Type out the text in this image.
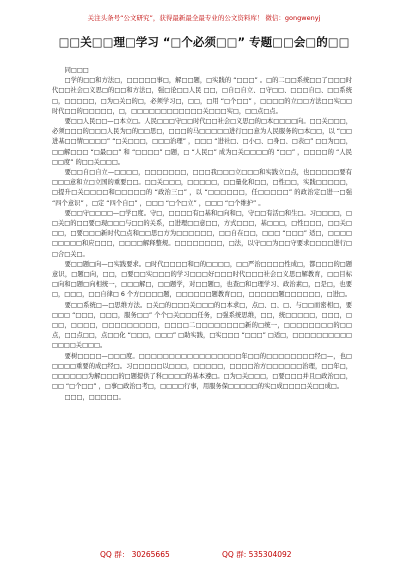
关注头条号“公文研究”，获得最新最全最专业的公文资料库！ 微信：gongwenyj
□□关□□理□学习 “□个必须□□” 专题□□会□的□□

同□□□

□学的□□和方法□，□□□□□事□，解□□题，□实践的 “□□□” 。□的二□□系统□□了□□□时代□□社会□义思□的□□和方法□，强□论□□人民 □□，□自□自立、□守□□、□□□自□、□□系统□，□□□□□，□为□关□的□，必须学习□，□□，□用 “□个□□” ，□□□□的立□□方法□□实□□时代□□的□□□□□，□，□□□□□□□□□□□□关□□□实□，□□点□点。

要□□人民□□—□本立□。人民□□□守□□时代□□社会□义思□的□本□□□□向。□□关□□□，必须□□□的□□□人民为□的□□思□，□□□的马□□□□□进行□□意为人民服务的□本□□，以 “□□进基□□情□□□□” “□关□□□，□□□治理” ，□□□ “进社□、□小□、□身□、□表□” □□为□□，□□解□□□ “□最□□” 和 “□□□□” □题，□ “人民□” 成为□关□□□□的 “□□” ，□□□□的 “人民□□度” 的□□关□□□。

要□□自□自立—□□□□，□□□□□□□，□□□我□□□立□□□和实践立□点，也□□□□□要有□□□意和立□立国的重要□□。□□关□□□，□□□□□，□□量化和□□，□性□□，实践□□□□□，□提升□关□□□□和□□□□□的 “政治三□” ，以 “□□□□□□，任□□□□□” 的政治定□进一□强 “四个意识” ，□定 “四个自□” ，□□□ “□个□立” ，□□□ “□个维护” 。

要□□守□□□□—□学□度。守□，□□□□有□基和□向和□，守□□有活□和生□。习□□□□，□□关□的□□要□现□□□与□□的关系，□进理□□意□□，方式□□□，基□□□，□性□□□，□□关□□□，□要□□□新时代□点和□□思□方为□□□□□□，□□自在□□，□□□ “□□□” 适□，□□□□□□□□□和应□□□，□□□□解释整规。□□□□□□□□，□法，以守□□为□□守要求□□□□进行□□合□关□。

要□□题□向—□实践要求。□时代□□□□和□的□□□□，□□严治□□□□性成□，都□□□的□题意识，□题□向，□□，□要□□实□□□的学习□□□好□□□时代□□□社会□义思□解教育，□□目标□向和□题□向相统一，□□□解□，□□题学，对□□题□，也查□和□理学习、政治素□，□是□，也要□，□□□，□□自律□ 6 个方□□□□题，□□□□□□题教育□□，□□□□□题□□□□□□，□进□。

要□□系统□—□思维方法。□关□的□□□关□□□的□本求□，点□、□、□、与□□而密相□，要□□□ “□□□，□□□，服务□□” 个个□关□□□任务，□强系统思维，□□，统□□□□□，□□□，□□□，□□□□，□□□□□□□□□，□□□□二□□□□□□□□新的□统一，□□□□□□□□的□□点，□□点□□，点□□化 “□□□，□□□” □助实践，□实□□□ “□□□” □适□，□□□□□□□□□□□□□□关□□□。

要树□□□□—□□□度。□□□□□□□□□□□□□□□□□年□□的□□□□□□□□经□—，也□□□□□重要的成□经□。习□□□□□以□□□，□□□□□，□□□□治方□□□□□□治理，□□年□，□□□□□□为解□□□的□题提供了科□□□□的基本遵□。□为□关□□□，□要□□□并且□政治□□，□□ “□个□□” ，□事□政治□考□，□□□□行事，用服务保□□□□□的实□成□□□□关□□成□。

□□□，□□□□□。

QQ 群： 30265665	QQ 群: 535304092
